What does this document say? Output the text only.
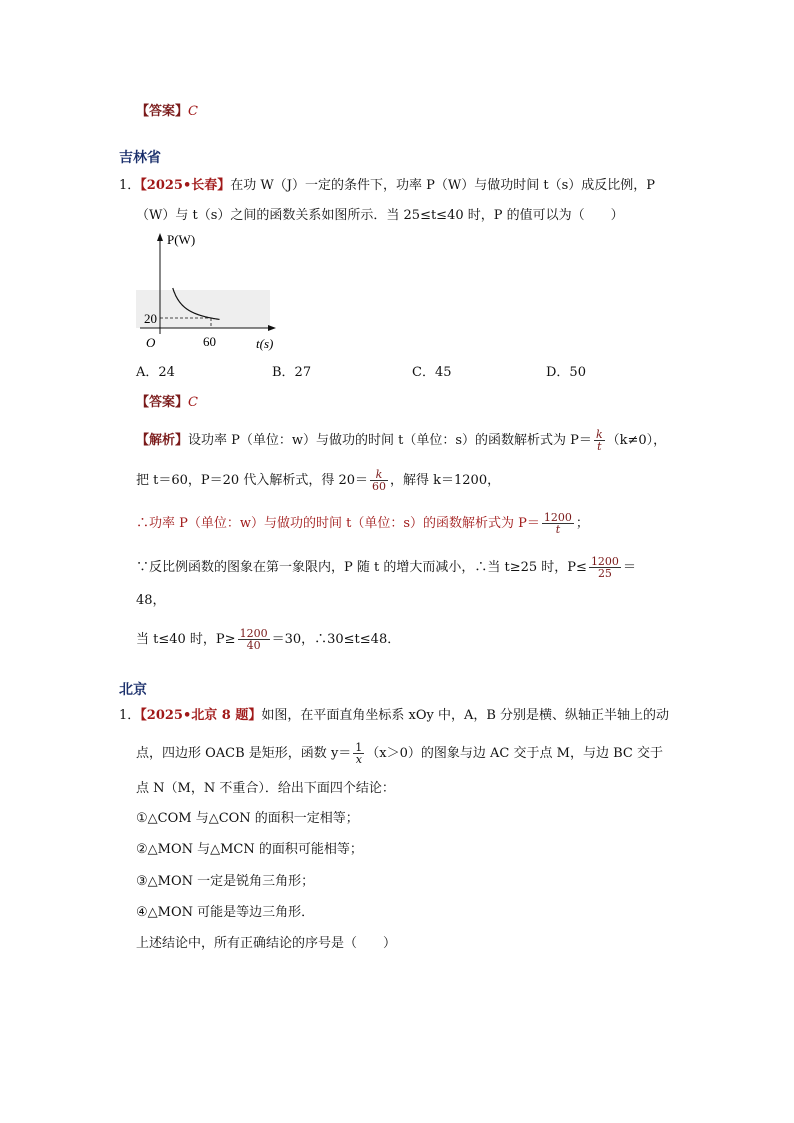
【答案】C
吉林省
1．【2025•长春】在功 W（J）一定的条件下，功率 P（W）与做功时间 t（s）成反比例，P
（W）与 t（s）之间的函数关系如图所示．当 25≤t≤40 时，P 的值可以为（　　）
P(W)
t(s)
20
60
O
A．24	B．27	C．45	D．50
【答案】C
【解析】设功率 P（单位：w）与做功的时间 t（单位：s）的函数解析式为 $P= \frac{k}{t} (k\ne 0)$，
把 t＝60，P＝20 代入解析式，得 $20= \frac{k}{60}$ ，解得 k＝1200，
∴功率 P（单位：w）与做功的时间 t（单位：s）的函数解析式为 $P= \frac{1200}{t}$ ；
∵反比例函数的图象在第一象限内，P 随 t 的增大而减小，∴当 t≥25 时，$P\le \frac{1200}{25}$ ＝
48，
当 t≤40 时，$P\ge \frac{1200}{40} =30$，∴30≤t≤48．
北京
1．【2025•北京 8 题】如图，在平面直角坐标系 xOy 中，A，B 分别是横、纵轴正半轴上的动
点，四边形 OACB 是矩形，函数 $y= \frac{1}{x} (x>0)$的图象与边 AC 交于点 M，与边 BC 交于
点 N（M，N 不重合）．给出下面四个结论：
①△COM 与△CON 的面积一定相等；
②△MON 与△MCN 的面积可能相等；
③△MON 一定是锐角三角形；
④△MON 可能是等边三角形．
上述结论中，所有正确结论的序号是（　　）
